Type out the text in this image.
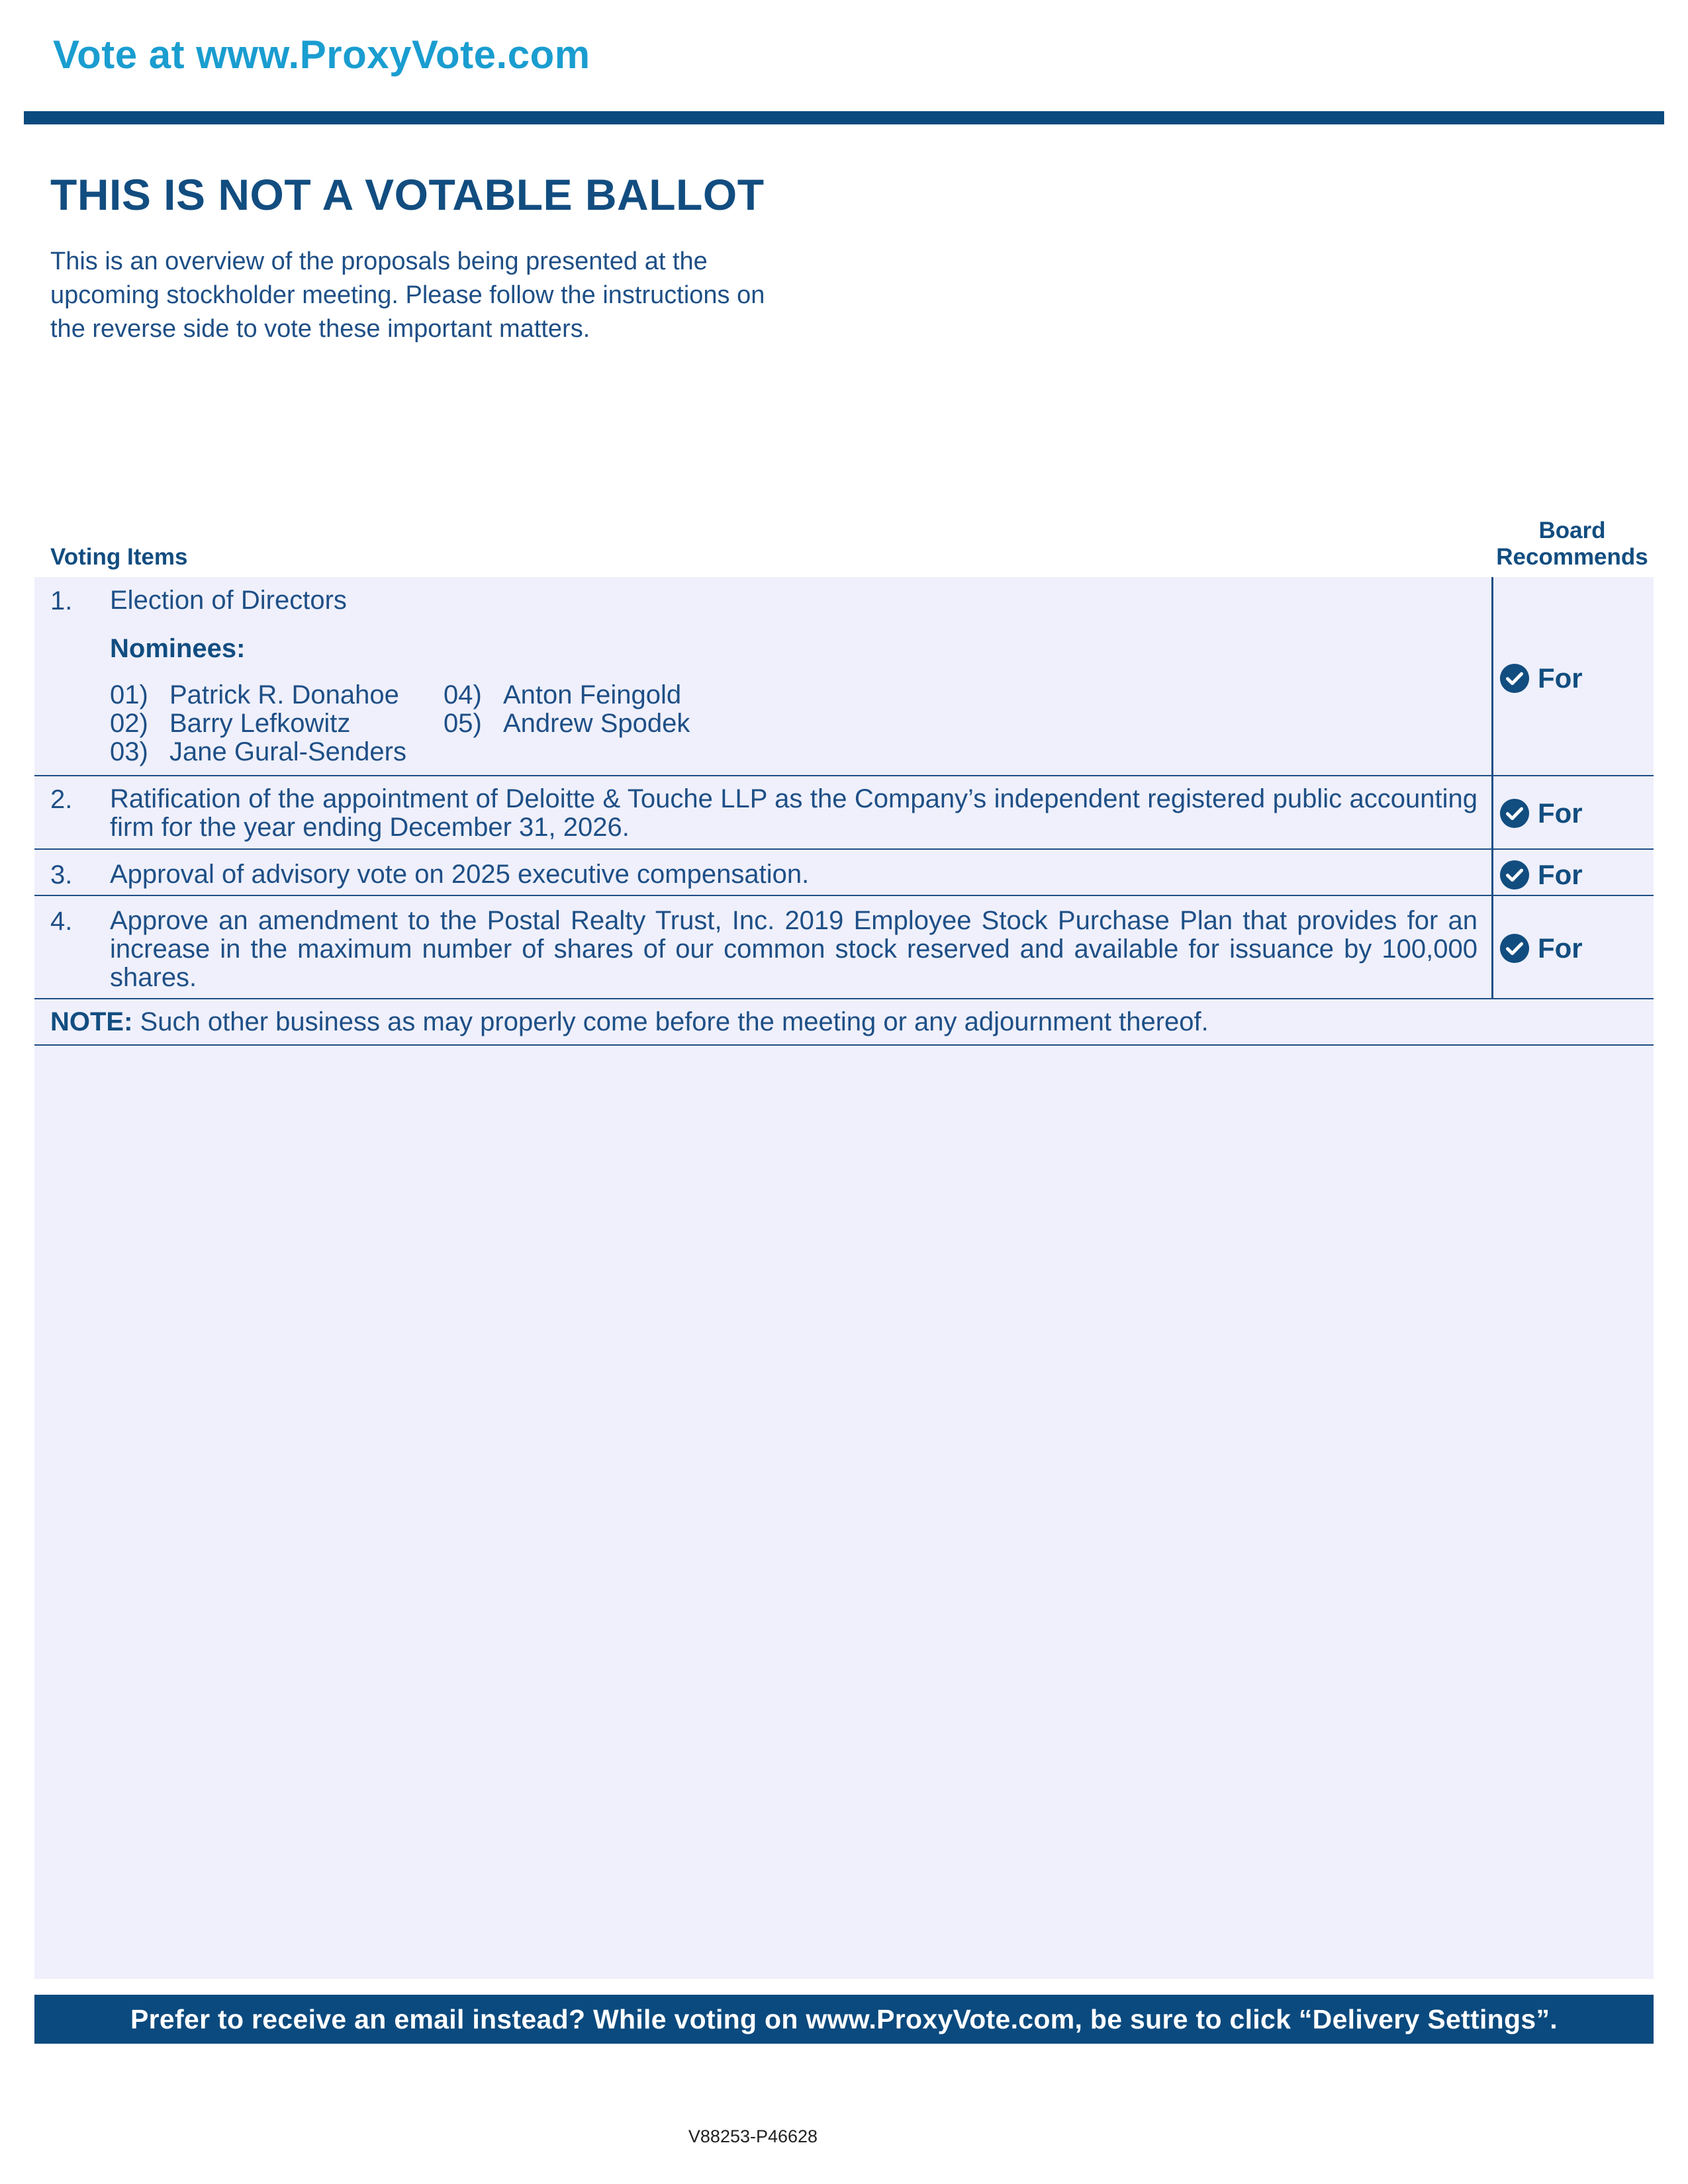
Vote at www.ProxyVote.com
THIS IS NOT A VOTABLE BALLOT
This is an overview of the proposals being presented at the
upcoming stockholder meeting. Please follow the instructions on
the reverse side to vote these important matters.
Voting Items
Board
Recommends
1. Election of Directors
Nominees:
01) Patrick R. Donahoe
02) Barry Lefkowitz
03) Jane Gural-Senders
04) Anton Feingold
05) Andrew Spodek
For
2. Ratification of the appointment of Deloitte & Touche LLP as the Company’s independent registered public accounting firm for the year ending December 31, 2026.	For
3. Approval of advisory vote on 2025 executive compensation.	For
4. Approve an amendment to the Postal Realty Trust, Inc. 2019 Employee Stock Purchase Plan that provides for an increase in the maximum number of shares of our common stock reserved and available for issuance by 100,000 shares.
For
NOTE: Such other business as may properly come before the meeting or any adjournment thereof.
Prefer to receive an email instead? While voting on www.ProxyVote.com, be sure to click “Delivery Settings”.
V88253-P46628
